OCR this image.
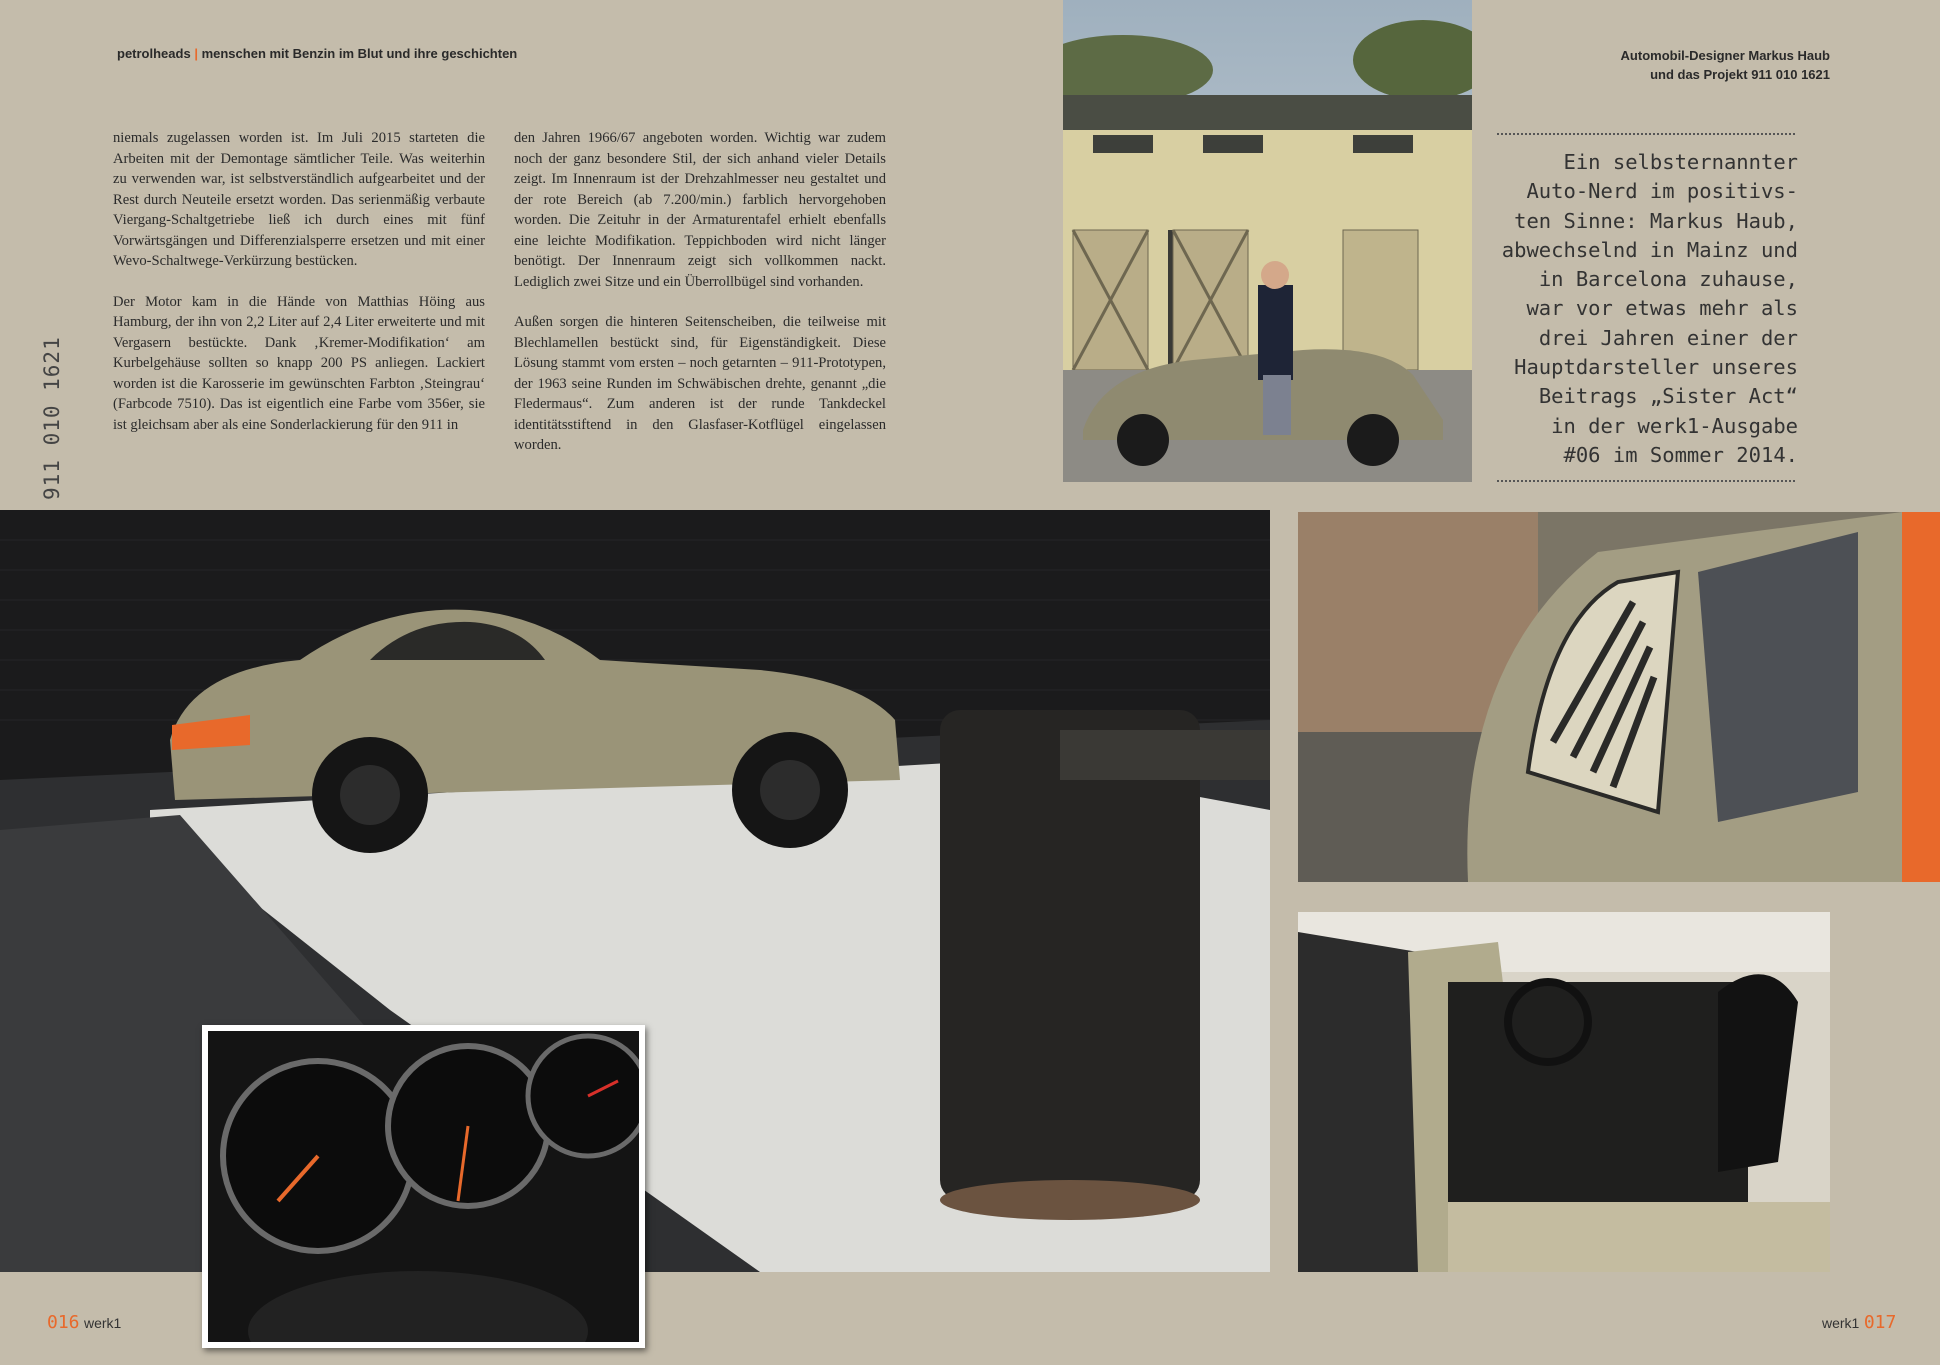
petrolheads | menschen mit Benzin im Blut und ihre geschichten	Automobil-Designer Markus Haub
und das Projekt 911 010 1621
911 010 1621

niemals zugelassen worden ist. Im Juli 2015 starteten die Arbeiten mit der Demontage sämtlicher Teile. Was weiterhin zu verwenden war, ist selbstverständlich aufgearbeitet und der Rest durch Neuteile ersetzt worden. Das serienmäßig verbaute Viergang-Schaltgetriebe ließ ich durch eines mit fünf Vorwärtsgängen und Differenzialsperre ersetzen und mit einer Wevo-Schaltwege-Verkürzung bestücken.

Der Motor kam in die Hände von Matthias Höing aus Hamburg, der ihn von 2,2 Liter auf 2,4 Liter erweiterte und mit Vergasern bestückte. Dank ‚Kremer-Modifikation‘ am Kurbelgehäuse sollten so knapp 200 PS anliegen. Lackiert worden ist die Karosserie im gewünschten Farbton ‚Steingrau‘ (Farbcode 7510). Das ist eigentlich eine Farbe vom 356er, sie ist gleichsam aber als eine Sonderlackierung für den 911 in

den Jahren 1966/67 angeboten worden. Wichtig war zudem noch der ganz besondere Stil, der sich anhand vieler Details zeigt. Im Innenraum ist der Drehzahlmesser neu gestaltet und der rote Bereich (ab 7.200/min.) farblich hervorgehoben worden. Die Zeituhr in der Armaturentafel erhielt ebenfalls eine leichte Modifikation. Teppichboden wird nicht länger benötigt. Der Innenraum zeigt sich vollkommen nackt. Lediglich zwei Sitze und ein Überrollbügel sind vorhanden.

Außen sorgen die hinteren Seitenscheiben, die teilweise mit Blechlamellen bestückt sind, für Eigenständigkeit. Diese Lösung stammt vom ersten – noch getarnten – 911-Prototypen, der 1963 seine Runden im Schwäbischen drehte, genannt „die Fledermaus“. Zum anderen ist der runde Tankdeckel identitätsstiftend in den Glasfaser-Kotflügel eingelassen worden.

Ein selbsternannter
Auto-Nerd im positivs-
ten Sinne: Markus Haub,
abwechselnd in Mainz und
in Barcelona zuhause,
war vor etwas mehr als
drei Jahren einer der
Hauptdarsteller unseres
Beitrags „Sister Act“
in der werk1-Ausgabe
#06 im Sommer 2014.
016 werk1	werk1 017
